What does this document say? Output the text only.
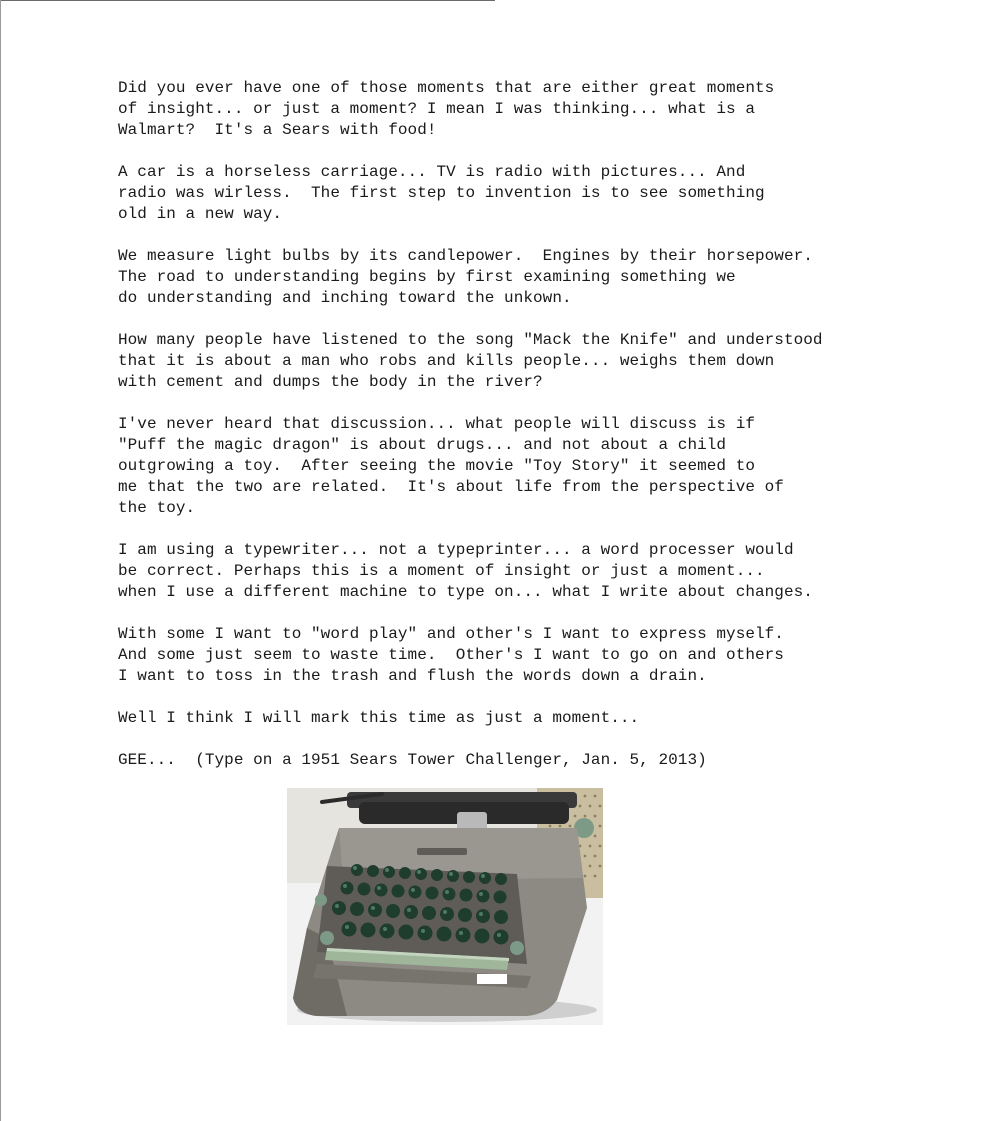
Did you ever have one of those moments that are either great moments
of insight... or just a moment? I mean I was thinking... what is a
Walmart?  It's a Sears with food!

A car is a horseless carriage... TV is radio with pictures... And
radio was wirless.  The first step to invention is to see something
old in a new way.

We measure light bulbs by its candlepower.  Engines by their horsepower.
The road to understanding begins by first examining something we
do understanding and inching toward the unkown.

How many people have listened to the song "Mack the Knife" and understood
that it is about a man who robs and kills people... weighs them down
with cement and dumps the body in the river?

I've never heard that discussion... what people will discuss is if
"Puff the magic dragon" is about drugs... and not about a child
outgrowing a toy.  After seeing the movie "Toy Story" it seemed to
me that the two are related.  It's about life from the perspective of
the toy.

I am using a typewriter... not a typeprinter... a word processer would
be correct. Perhaps this is a moment of insight or just a moment...
when I use a different machine to type on... what I write about changes.

With some I want to "word play" and other's I want to express myself.
And some just seem to waste time.  Other's I want to go on and others
I want to toss in the trash and flush the words down a drain.

Well I think I will mark this time as just a moment...

GEE...  (Type on a 1951 Sears Tower Challenger, Jan. 5, 2013)
